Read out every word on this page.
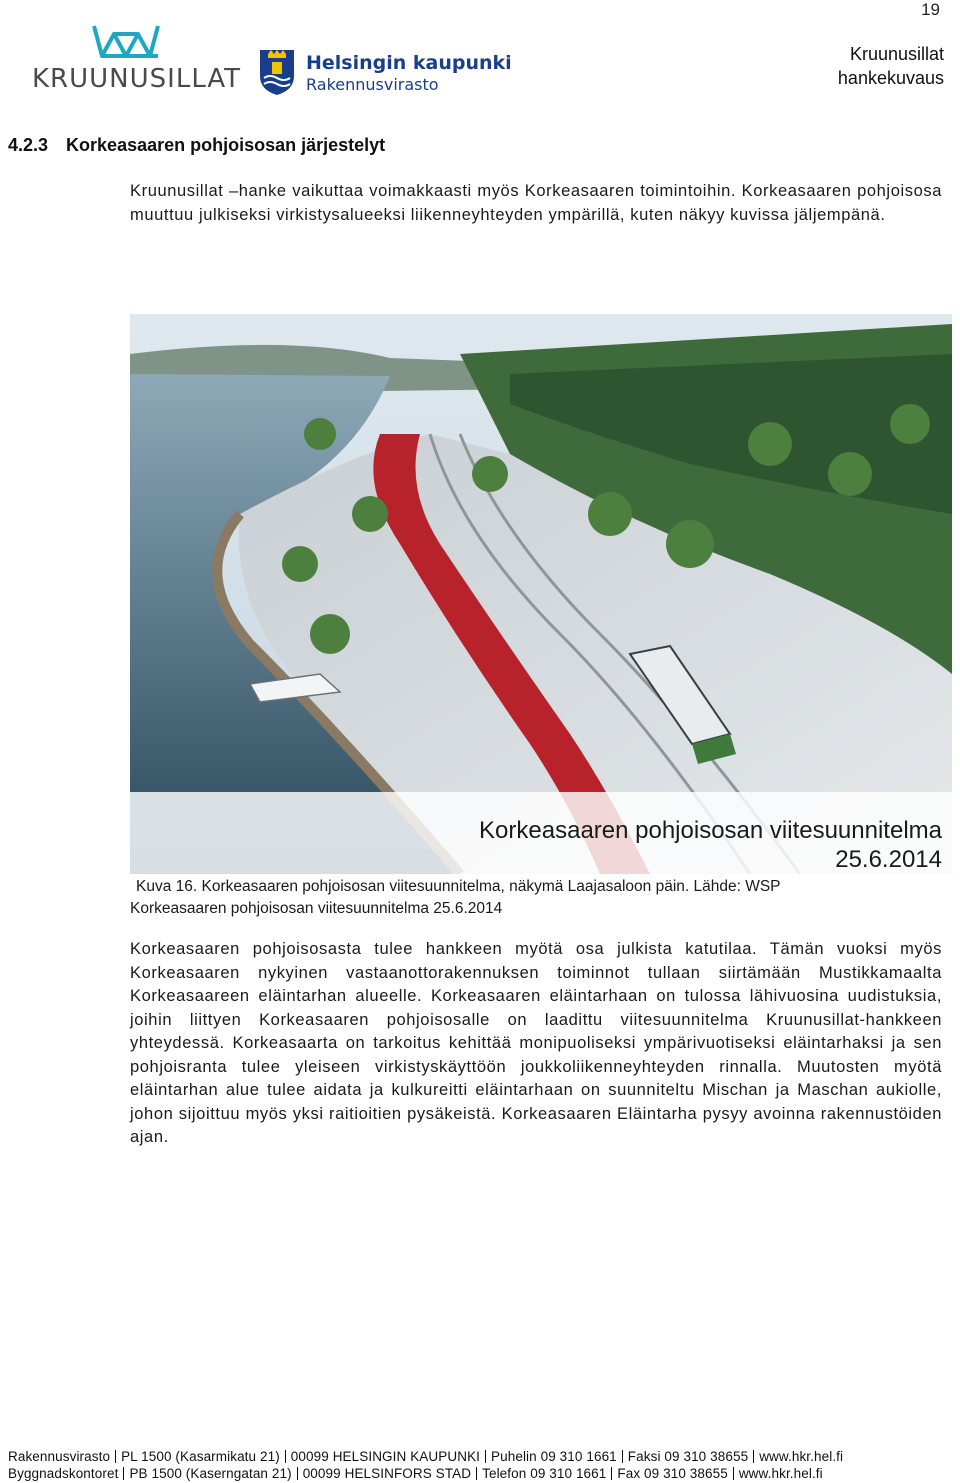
19
Kruunusillat
hankekuvaus
KRUUNUSILLAT
Helsingin kaupunki
Rakennusvirasto
4.2.3 Korkeasaaren pohjoisosan järjestelyt
Kruunusillat –hanke vaikuttaa voimakkaasti myös Korkeasaaren toimintoihin. Korkeasaaren pohjoisosa muuttuu julkiseksi virkistysalueeksi liikenneyhteyden ympärillä, kuten näkyy kuvissa jäljempänä.
Korkeasaaren pohjoisosan viitesuunnitelma
25.6.2014
Kuva 16. Korkeasaaren pohjoisosan viitesuunnitelma, näkymä Laajasaloon päin. Lähde: WSP
Korkeasaaren pohjoisosan viitesuunnitelma 25.6.2014
Korkeasaaren pohjoisosasta tulee hankkeen myötä osa julkista katutilaa. Tämän vuoksi myös Korkeasaaren nykyinen vastaanottorakennuksen toiminnot tullaan siirtämään Mustikkamaalta Korkeasaareen eläintarhan alueelle. Korkeasaaren eläintarhaan on tulossa lähivuosina uudistuksia, joihin liittyen Korkeasaaren pohjoisosalle on laadittu viitesuunnitelma Kruunusillat-hankkeen yhteydessä. Korkeasaarta on tarkoitus kehittää monipuoliseksi ympärivuotiseksi eläintarhaksi ja sen pohjoisranta tulee yleiseen virkistyskäyttöön joukkoliikenneyhteyden rinnalla. Muutosten myötä eläintarhan alue tulee aidata ja kulkureitti eläintarhaan on suunniteltu Mischan ja Maschan aukiolle, johon sijoittuu myös yksi raitioitien pysäkeistä. Korkeasaaren Eläintarha pysyy avoinna rakennustöiden ajan.
Rakennusvirasto PL 1500 (Kasarmikatu 21) 00099 HELSINGIN KAUPUNKI Puhelin 09 310 1661 Faksi 09 310 38655 www.hkr.hel.fi
Byggnadskontoret PB 1500 (Kaserngatan 21) 00099 HELSINFORS STAD Telefon 09 310 1661 Fax 09 310 38655 www.hkr.hel.fi
